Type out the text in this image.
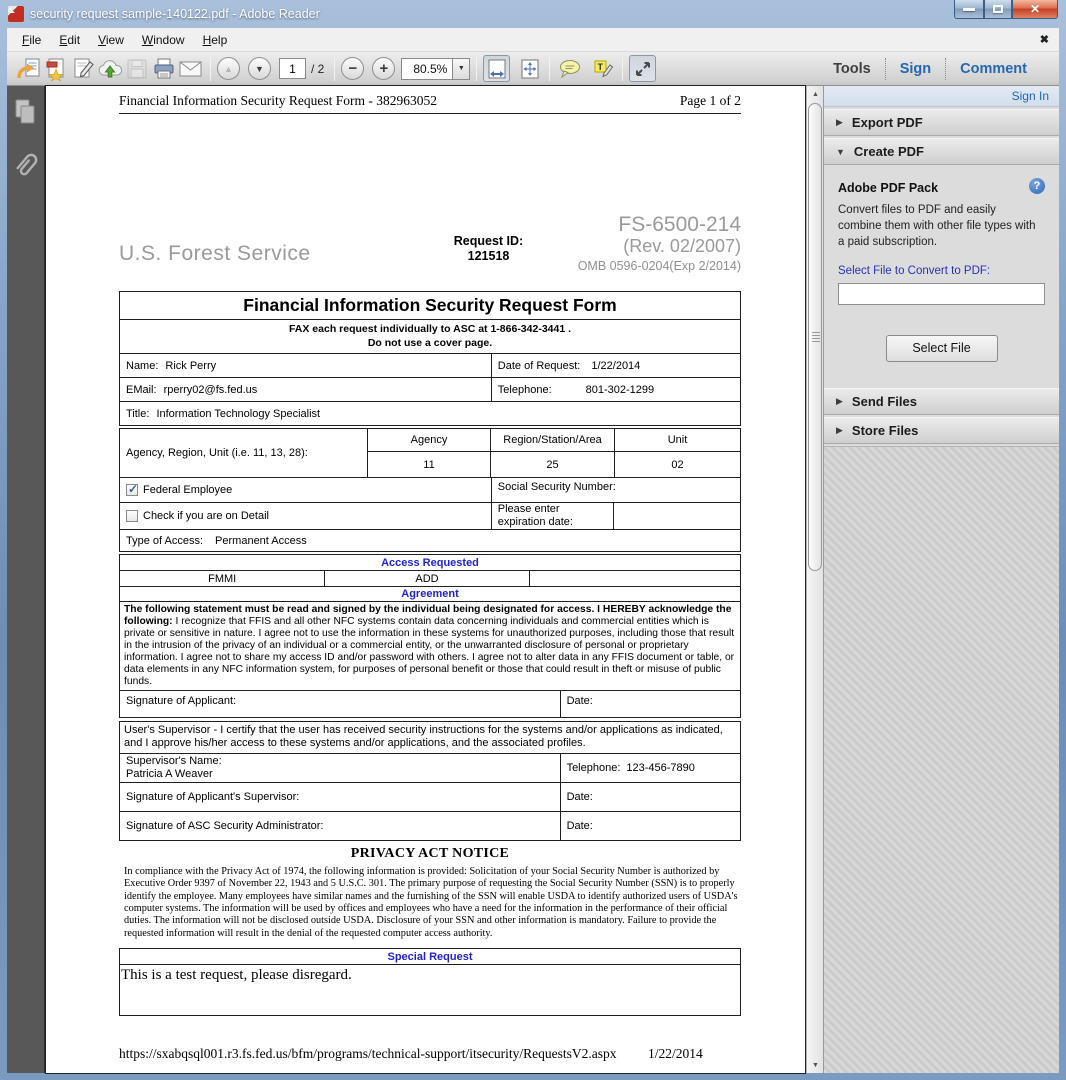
security request sample-140122.pdf - Adobe Reader	✕
File	Edit	View	Window	Help	✖
▲ ▼
1	/ 2 − +	80.5%	▼	T	Tools	Sign	Comment
Financial Information Security Request Form - 382963052	Page 1 of 2
U.S. Forest Service
Request ID:
121518
FS-6500-214
(Rev. 02/2007)
OMB 0596-0204(Exp 2/2014)
Financial Information Security Request Form
FAX each request individually to ASC at 1-866-342-3441 .
Do not use a cover page.
Name: Rick Perry	Date of Request: 1/22/2014
EMail: rperry02@fs.fed.us	Telephone:	801-302-1299
Title: Information Technology Specialist
Agency, Region, Unit (i.e. 11, 13, 28):
Agency	Region/Station/Area	Unit
11	25	02
✓
Federal Employee	Social Security Number:
Check if you are on Detail
Please enter expiration date:
Type of Access: Permanent Access
Access Requested
FMMI	ADD
Agreement
The following statement must be read and signed by the individual being designated for access. I HEREBY acknowledge the following: I recognize that FFIS and all other NFC systems contain data concerning individuals and commercial entities which is private or sensitive in nature. I agree not to use the information in these systems for unauthorized purposes, including those that result in the intrusion of the privacy of an individual or a commercial entity, or the unwarranted disclosure of personal or proprietary information. I agree not to share my access ID and/or password with others. I agree not to alter data in any FFIS document or table, or data elements in any NFC information system, for purposes of personal benefit or those that could result in theft or misuse of public funds.
Signature of Applicant:	Date:
User's Supervisor - I certify that the user has received security instructions for the systems and/or applications as indicated, and I approve his/her access to these systems and/or applications, and the associated profiles.
Supervisor's Name:
Patricia A Weaver	Telephone: 123-456-7890
Signature of Applicant's Supervisor:	Date:
Signature of ASC Security Administrator:	Date:
PRIVACY ACT NOTICE
In compliance with the Privacy Act of 1974, the following information is provided: Solicitation of your Social Security Number is authorized by Executive Order 9397 of November 22, 1943 and 5 U.S.C. 301. The primary purpose of requesting the Social Security Number (SSN) is to properly identify the employee. Many employees have similar names and the furnishing of the SSN will enable USDA to identify authorized users of USDA's computer systems. The information will be used by offices and employees who have a need for the information in the performance of their official duties. The information will not be disclosed outside USDA. Disclosure of your SSN and other information is mandatory. Failure to provide the requested information will result in the denial of the requested computer access authority.
Special Request
This is a test request, please disregard.
https://sxabqsql001.r3.fs.fed.us/bfm/programs/technical-support/itsecurity/RequestsV2.aspx 1/22/2014
▲
▼
Sign In
▶ Export PDF
▼ Create PDF
Adobe PDF Pack	?
Convert files to PDF and easily combine them with other file types with a paid subscription.
Select File to Convert to PDF:
Select File
▶ Send Files
▶ Store Files
